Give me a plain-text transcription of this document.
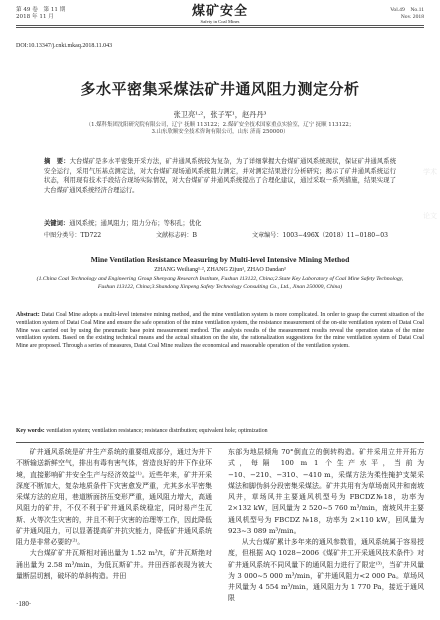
第 49 卷　第 11 期
2018 年 11 月	煤矿安全
Safety in Coal Mines
Vol.49　No.11
Nov. 2018
DOI:10.13347/j.cnki.mkaq.2018.11.043
多水平密集采煤法矿井通风阻力测定分析
张卫亮¹·²，张子军¹，赵丹丹³
（1.煤科集团沈阳研究院有限公司，辽宁 抚顺 113122；2.煤矿安全技术国家重点实验室，辽宁 抚顺 113122；
3.山东欣顺安全技术咨询有限公司，山东 济南 250000）
摘　要：大台煤矿是多水平密集开采方法，矿井通风系统较为复杂，为了详细掌握大台煤矿通风系统现状，保证矿井通风系统安全运行，采用气压基点测定法，对大台煤矿现场通风系统阻力测定，并对测定结果进行分析研究；揭示了矿井通风系统运行状态，利用现有技术手段结合现场实际情况，对大台煤矿矿井通风系统提出了合理化建议，通过采取一系列措施，结果实现了大台煤矿通风系统经济合理运行。
关键词：通风系统；通风阻力；阻力分布；等积孔；优化
中图分类号：TD722	文献标志码：B	文章编号：1003−496X（2018）11−0180−03
Mine Ventilation Resistance Measuring by Multi-level Intensive Mining Method
ZHANG Weiliang¹·², ZHANG Zijun¹, ZHAO Dandan³
(1.China Coal Technology and Engineering Group Shenyang Research Institute, Fushun 113122, China;2.State Key Laboratory of Coal Mine Safety Technology, Fushun 113122, China;3.Shandong Xinpeng Safety Technology Consulting Co., Ltd., Jinan 250000, China)
Abstract: Datai Coal Mine adopts a multi-level intensive mining method, and the mine ventilation system is more complicated. In order to grasp the current situation of the ventilation system of Datai Coal Mine and ensure the safe operation of the mine ventilation system, the resistance measurement of the on-site ventilation system of Datai Coal Mine was carried out by using the pneumatic base point measurement method. The analysis results of the measurement results reveal the operation status of the mine ventilation system. Based on the existing technical means and the actual situation on the site, the rationalization suggestions for the mine ventilation system of Datai Coal Mine are proposed. Through a series of measures, Datai Coal Mine realizes the economical and reasonable operation of the ventilation system.
Key words: ventilation system; ventilation resistance; resistance distribution; equivalent hole; optimization

矿井通风系统是矿井生产系统的重要组成部分，通过为井下不断输送新鲜空气，排出有毒有害气体，营造良好的井下作业环境，直接影响矿井安全生产与经济效益⁽¹⁾。近些年来，矿井开采深度不断加大，复杂地质条件下灾害愈发严重，尤其多水平密集采煤方法的应用，巷道断面挤压变形严重，通风阻力增大，高通风阻力的矿井，不仅不利于矿井通风系统稳定，同时易产生瓦斯、火等次生灾害的，并且不利于灾害的治理等工作，因此降低矿井通风阻力，可以显著提高矿井抗灾能力，降低矿井通风系统阻力是非常必要的⁽²⁾。

大台煤矿矿井瓦斯相对涌出量为 1.52 m³/t，矿井瓦斯绝对涌出量为 2.58 m³/min，为低瓦斯矿井。井田西部表现为被大量断层切割，破坏的单斜构造。井田

东部为地层倾角 70°倒直立的倒转构造。矿井采用立井开拓方式，每隔 100 m 1 个生产水平，当前为−10、−210、−310、−410 m，采煤方法为柔性掩护支架采煤法和脚伪斜分段密集采煤法。矿井共用有为草场南风井和南坡风井，草场风井主要通风机型号为 FBCDZ№18，功率为 2×132 kW，回风量为 2 520~5 760 m³/min，南坡风井主要通风机型号为 FBCDZ №18，功率为 2×110 kW，回风量为 923~3 089 m³/min。

从大台煤矿累计多年来的通风参数看，通风系统属于容易授度，但根据 AQ 1028−2006《煤矿井工开采通风技术条件》对矿井通风系统不同风量下的通风阻力进行了限定⁽³⁾，当矿井风量为 3 000~5 000 m³/min，矿井通风阻力<2 000 Pa。草场风井风量为 4 554 m³/min，通风阻力为 1 770 Pa，接近于通风限

·180·
学术论文
